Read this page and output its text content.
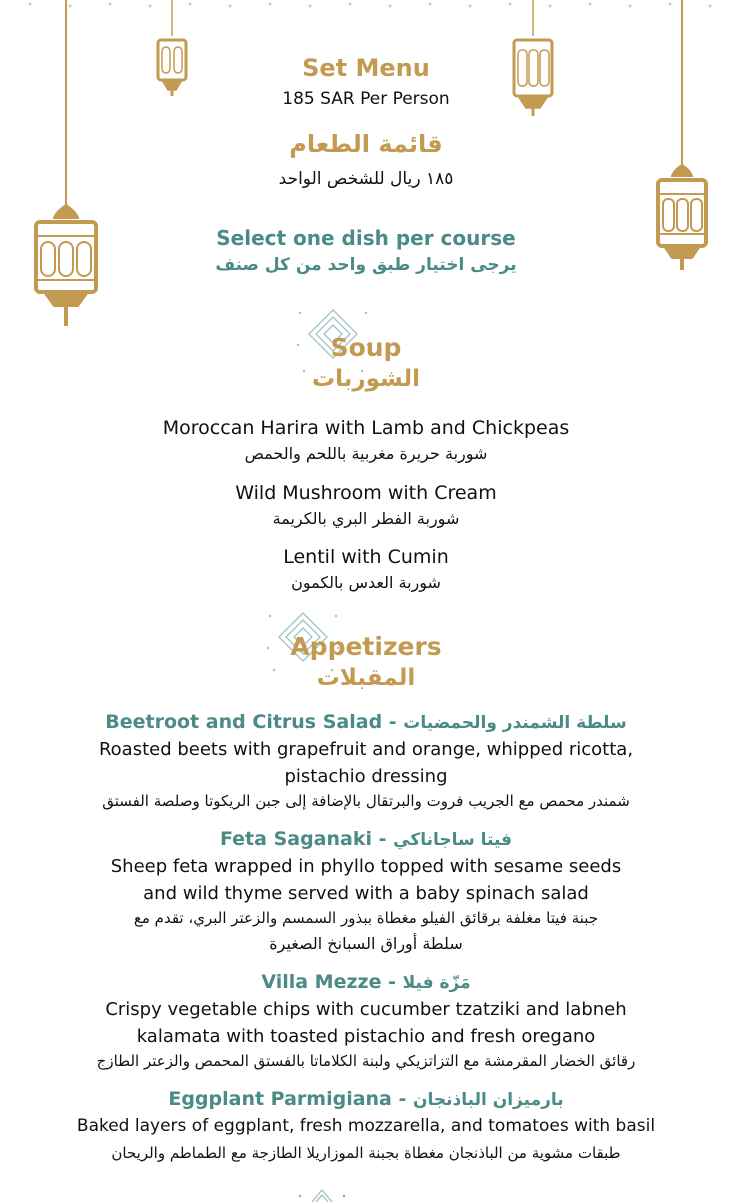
Set Menu
185 SAR Per Person
قائمة الطعام
١٨٥ ريال للشخص الواحد
Select one dish per course
يرجى اختيار طبق واحد من كل صنف
Soup
الشوربات
Moroccan Harira with Lamb and Chickpeas
شوربة حريرة مغربية باللحم والحمص
Wild Mushroom with Cream
شوربة الفطر البري بالكريمة
Lentil with Cumin
شوربة العدس بالكمون
Appetizers
المقبلات
Beetroot and Citrus Salad - سلطة الشمندر والحمضيات
Roasted beets with grapefruit and orange, whipped ricotta,
pistachio dressing
شمندر محمص مع الجريب فروت والبرتقال بالإضافة إلى جبن الريكوتا وصلصة الفستق
Feta Saganaki - فيتا ساجاناكي
Sheep feta wrapped in phyllo topped with sesame seeds
and wild thyme served with a baby spinach salad
جبنة فيتا مغلفة برقائق الفيلو مغطاة ببذور السمسم والزعتر البري، تقدم مع
سلطة أوراق السبانخ الصغيرة
Villa Mezze - مَزّة فيلا
Crispy vegetable chips with cucumber tzatziki and labneh
kalamata with toasted pistachio and fresh oregano
رقائق الخضار المقرمشة مع التزاتزيكي ولبنة الكلاماتا بالفستق المحمص والزعتر الطازج
Eggplant Parmigiana - بارميزان الباذنجان
Baked layers of eggplant, fresh mozzarella, and tomatoes with basil
طبقات مشوية من الباذنجان مغطاة بجبنة الموزاريلا الطازجة مع الطماطم والريحان
